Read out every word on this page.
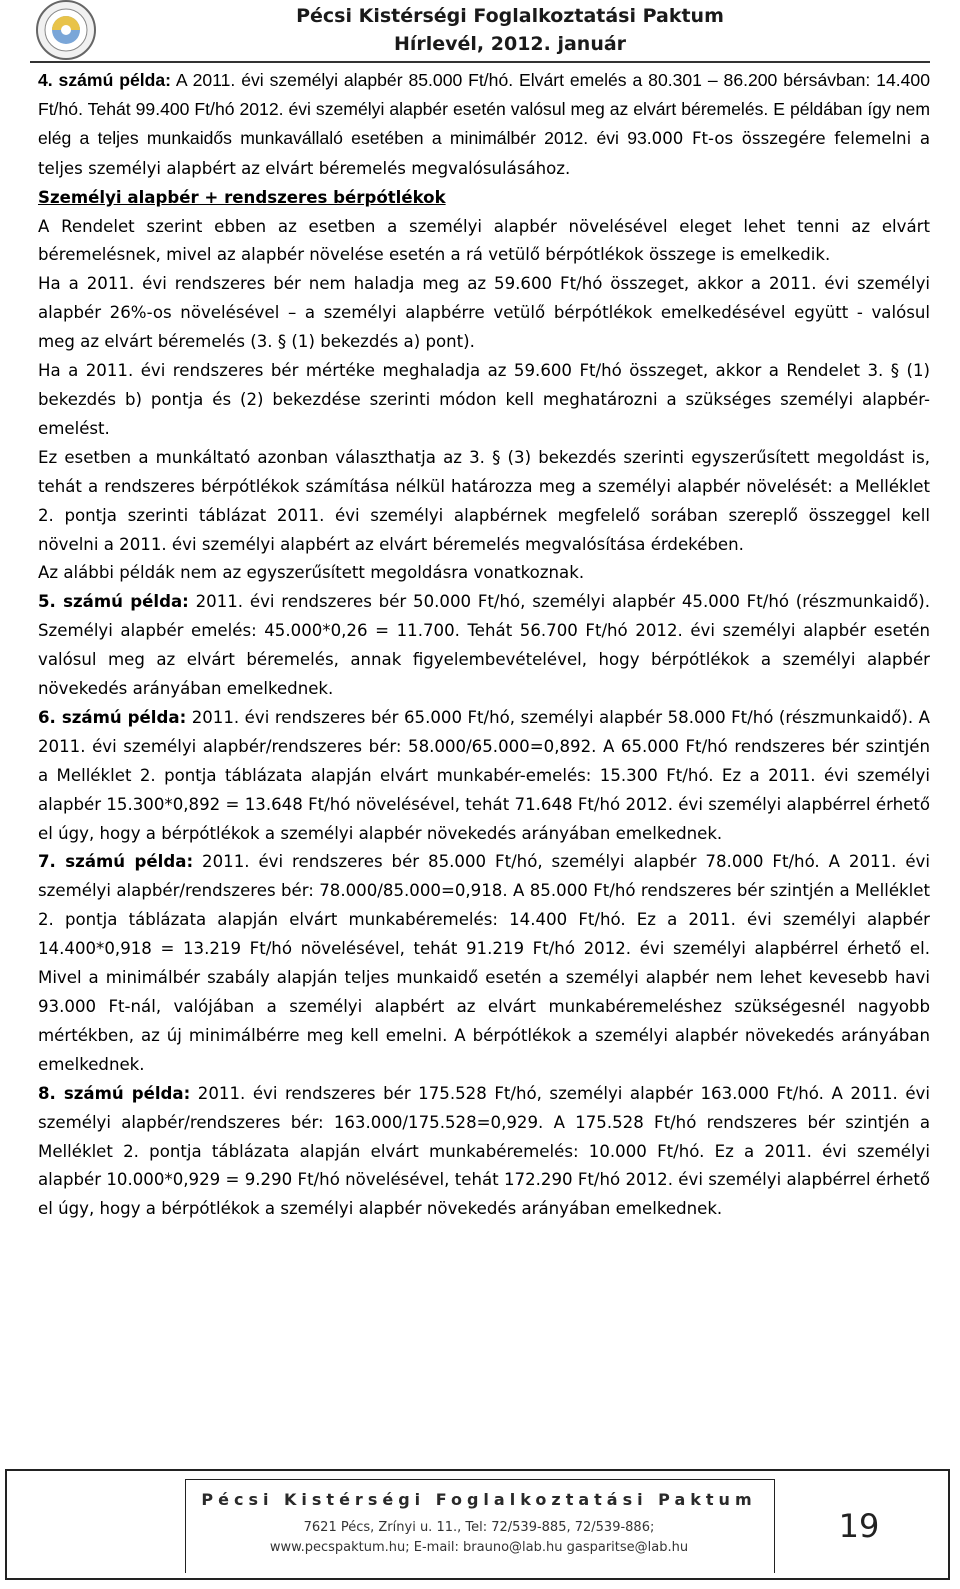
Pécsi Kistérségi Foglalkoztatási Paktum
Hírlevél, 2012. január

4. számú példa: A 2011. évi személyi alapbér 85.000 Ft/hó. Elvárt emelés a 80.301 – 86.200 bérsávban: 14.400 Ft/hó. Tehát 99.400 Ft/hó 2012. évi személyi alapbér esetén valósul meg az elvárt béremelés. E példában így nem elég a teljes munkaidős munkavállaló esetében a minimálbér 2012. évi 93.000 Ft-os összegére felemelni a teljes személyi alapbért az elvárt béremelés megvalósulásához.

Személyi alapbér + rendszeres bérpótlékok

A Rendelet szerint ebben az esetben a személyi alapbér növelésével eleget lehet tenni az elvárt béremelésnek, mivel az alapbér növelése esetén a rá vetülő bérpótlékok összege is emelkedik.

Ha a 2011. évi rendszeres bér nem haladja meg az 59.600 Ft/hó összeget, akkor a 2011. évi személyi alapbér 26%-os növelésével – a személyi alapbérre vetülő bérpótlékok emelkedésével együtt - valósul meg az elvárt béremelés (3. § (1) bekezdés a) pont).

Ha a 2011. évi rendszeres bér mértéke meghaladja az 59.600 Ft/hó összeget, akkor a Rendelet 3. § (1) bekezdés b) pontja és (2) bekezdése szerinti módon kell meghatározni a szükséges személyi alapbér-emelést.

Ez esetben a munkáltató azonban választhatja az 3. § (3) bekezdés szerinti egyszerűsített megoldást is, tehát a rendszeres bérpótlékok számítása nélkül határozza meg a személyi alapbér növelését: a Melléklet 2. pontja szerinti táblázat 2011. évi személyi alapbérnek megfelelő sorában szereplő összeggel kell növelni a 2011. évi személyi alapbért az elvárt béremelés megvalósítása érdekében.

Az alábbi példák nem az egyszerűsített megoldásra vonatkoznak.

5. számú példa: 2011. évi rendszeres bér 50.000 Ft/hó, személyi alapbér 45.000 Ft/hó (részmunkaidő). Személyi alapbér emelés: 45.000*0,26 = 11.700. Tehát 56.700 Ft/hó 2012. évi személyi alapbér esetén valósul meg az elvárt béremelés, annak figyelembevételével, hogy bérpótlékok a személyi alapbér növekedés arányában emelkednek.

6. számú példa: 2011. évi rendszeres bér 65.000 Ft/hó, személyi alapbér 58.000 Ft/hó (részmunkaidő). A 2011. évi személyi alapbér/rendszeres bér: 58.000/65.000=0,892. A 65.000 Ft/hó rendszeres bér szintjén a Melléklet 2. pontja táblázata alapján elvárt munkabér-emelés: 15.300 Ft/hó. Ez a 2011. évi személyi alapbér 15.300*0,892 = 13.648 Ft/hó növelésével, tehát 71.648 Ft/hó 2012. évi személyi alapbérrel érhető el úgy, hogy a bérpótlékok a személyi alapbér növekedés arányában emelkednek.

7. számú példa: 2011. évi rendszeres bér 85.000 Ft/hó, személyi alapbér 78.000 Ft/hó. A 2011. évi személyi alapbér/rendszeres bér: 78.000/85.000=0,918. A 85.000 Ft/hó rendszeres bér szintjén a Melléklet 2. pontja táblázata alapján elvárt munkabéremelés: 14.400 Ft/hó. Ez a 2011. évi személyi alapbér 14.400*0,918 = 13.219 Ft/hó növelésével, tehát 91.219 Ft/hó 2012. évi személyi alapbérrel érhető el. Mivel a minimálbér szabály alapján teljes munkaidő esetén a személyi alapbér nem lehet kevesebb havi 93.000 Ft-nál, valójában a személyi alapbért az elvárt munkabéremeléshez szükségesnél nagyobb mértékben, az új minimálbérre meg kell emelni. A bérpótlékok a személyi alapbér növekedés arányában emelkednek.

8. számú példa: 2011. évi rendszeres bér 175.528 Ft/hó, személyi alapbér 163.000 Ft/hó. A 2011. évi személyi alapbér/rendszeres bér: 163.000/175.528=0,929. A 175.528 Ft/hó rendszeres bér szintjén a Melléklet 2. pontja táblázata alapján elvárt munkabéremelés: 10.000 Ft/hó. Ez a 2011. évi személyi alapbér 10.000*0,929 = 9.290 Ft/hó növelésével, tehát 172.290 Ft/hó 2012. évi személyi alapbérrel érhető el úgy, hogy a bérpótlékok a személyi alapbér növekedés arányában emelkednek.

Pécsi Kistérségi Foglalkoztatási Paktum
7621 Pécs, Zrínyi u. 11., Tel: 72/539-885, 72/539-886;
www.pecspaktum.hu; E-mail: brauno@lab.hu gasparitse@lab.hu
19
